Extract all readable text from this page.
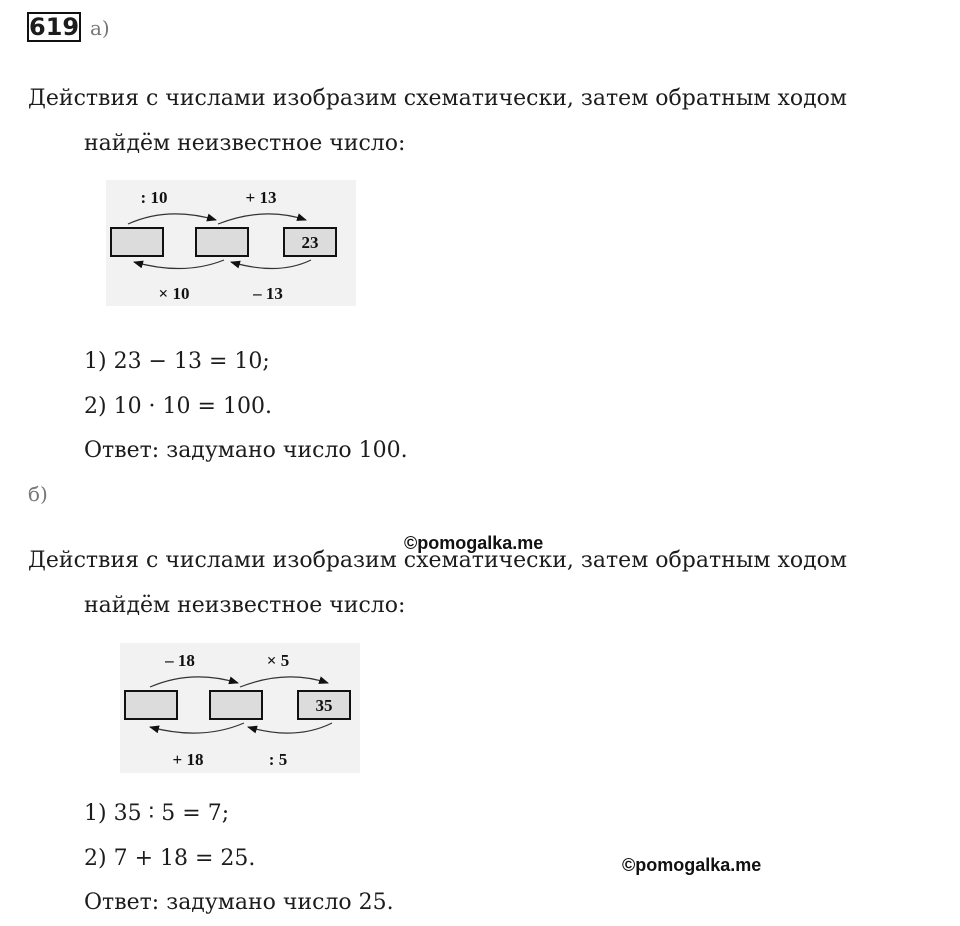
619 а)
Действия с числами изобразим схематически, затем обратным ходом
найдём неизвестное число:
: 10	+ 13
23
× 10	– 13
1) 23 − 13 = 10;
2) 10 · 10 = 100.
Ответ: задумано число 100.
б)
©pomogalka.me
Действия с числами изобразим схематически, затем обратным ходом
найдём неизвестное число:
– 18	× 5
35
+ 18	: 5
1) 35 ∶ 5 = 7;
2) 7 + 18 = 25.	©pomogalka.me
Ответ: задумано число 25.
